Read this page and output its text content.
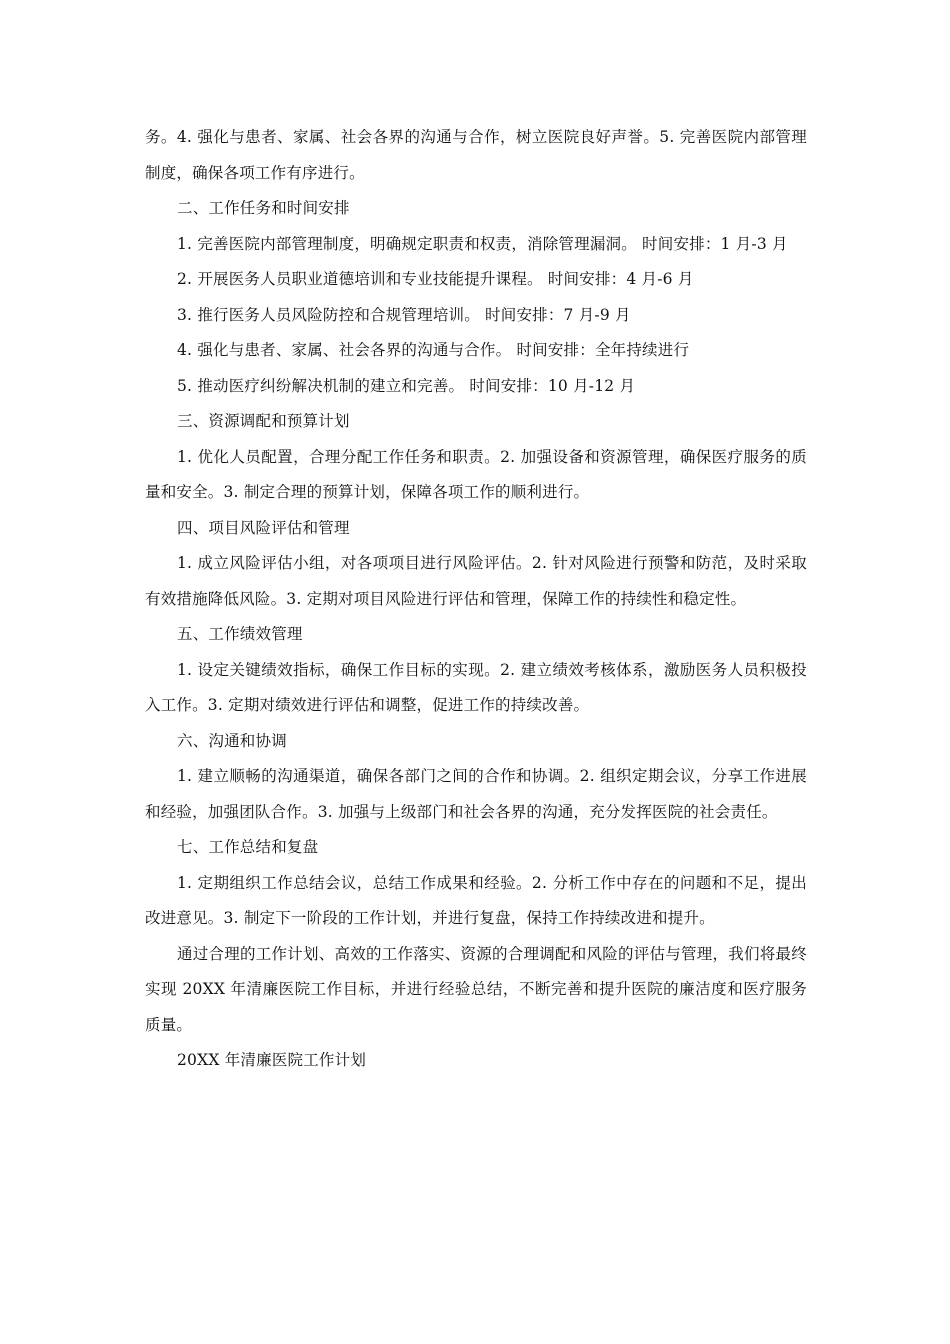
务。4. 强化与患者、家属、社会各界的沟通与合作，树立医院良好声誉。5. 完善医院内部管理制度，确保各项工作有序进行。

二、工作任务和时间安排

1. 完善医院内部管理制度，明确规定职责和权责，消除管理漏洞。 时间安排：1 月-3 月

2. 开展医务人员职业道德培训和专业技能提升课程。 时间安排：4 月-6 月

3. 推行医务人员风险防控和合规管理培训。 时间安排：7 月-9 月

4. 强化与患者、家属、社会各界的沟通与合作。 时间安排：全年持续进行

5. 推动医疗纠纷解决机制的建立和完善。 时间安排：10 月-12 月

三、资源调配和预算计划

1. 优化人员配置，合理分配工作任务和职责。2. 加强设备和资源管理，确保医疗服务的质量和安全。3. 制定合理的预算计划，保障各项工作的顺利进行。

四、项目风险评估和管理

1. 成立风险评估小组，对各项项目进行风险评估。2. 针对风险进行预警和防范，及时采取有效措施降低风险。3. 定期对项目风险进行评估和管理，保障工作的持续性和稳定性。

五、工作绩效管理

1. 设定关键绩效指标，确保工作目标的实现。2. 建立绩效考核体系，激励医务人员积极投入工作。3. 定期对绩效进行评估和调整，促进工作的持续改善。

六、沟通和协调

1. 建立顺畅的沟通渠道，确保各部门之间的合作和协调。2. 组织定期会议，分享工作进展和经验，加强团队合作。3. 加强与上级部门和社会各界的沟通，充分发挥医院的社会责任。

七、工作总结和复盘

1. 定期组织工作总结会议，总结工作成果和经验。2. 分析工作中存在的问题和不足，提出改进意见。3. 制定下一阶段的工作计划，并进行复盘，保持工作持续改进和提升。

通过合理的工作计划、高效的工作落实、资源的合理调配和风险的评估与管理，我们将最终实现 20XX 年清廉医院工作目标，并进行经验总结，不断完善和提升医院的廉洁度和医疗服务质量。

20XX 年清廉医院工作计划
